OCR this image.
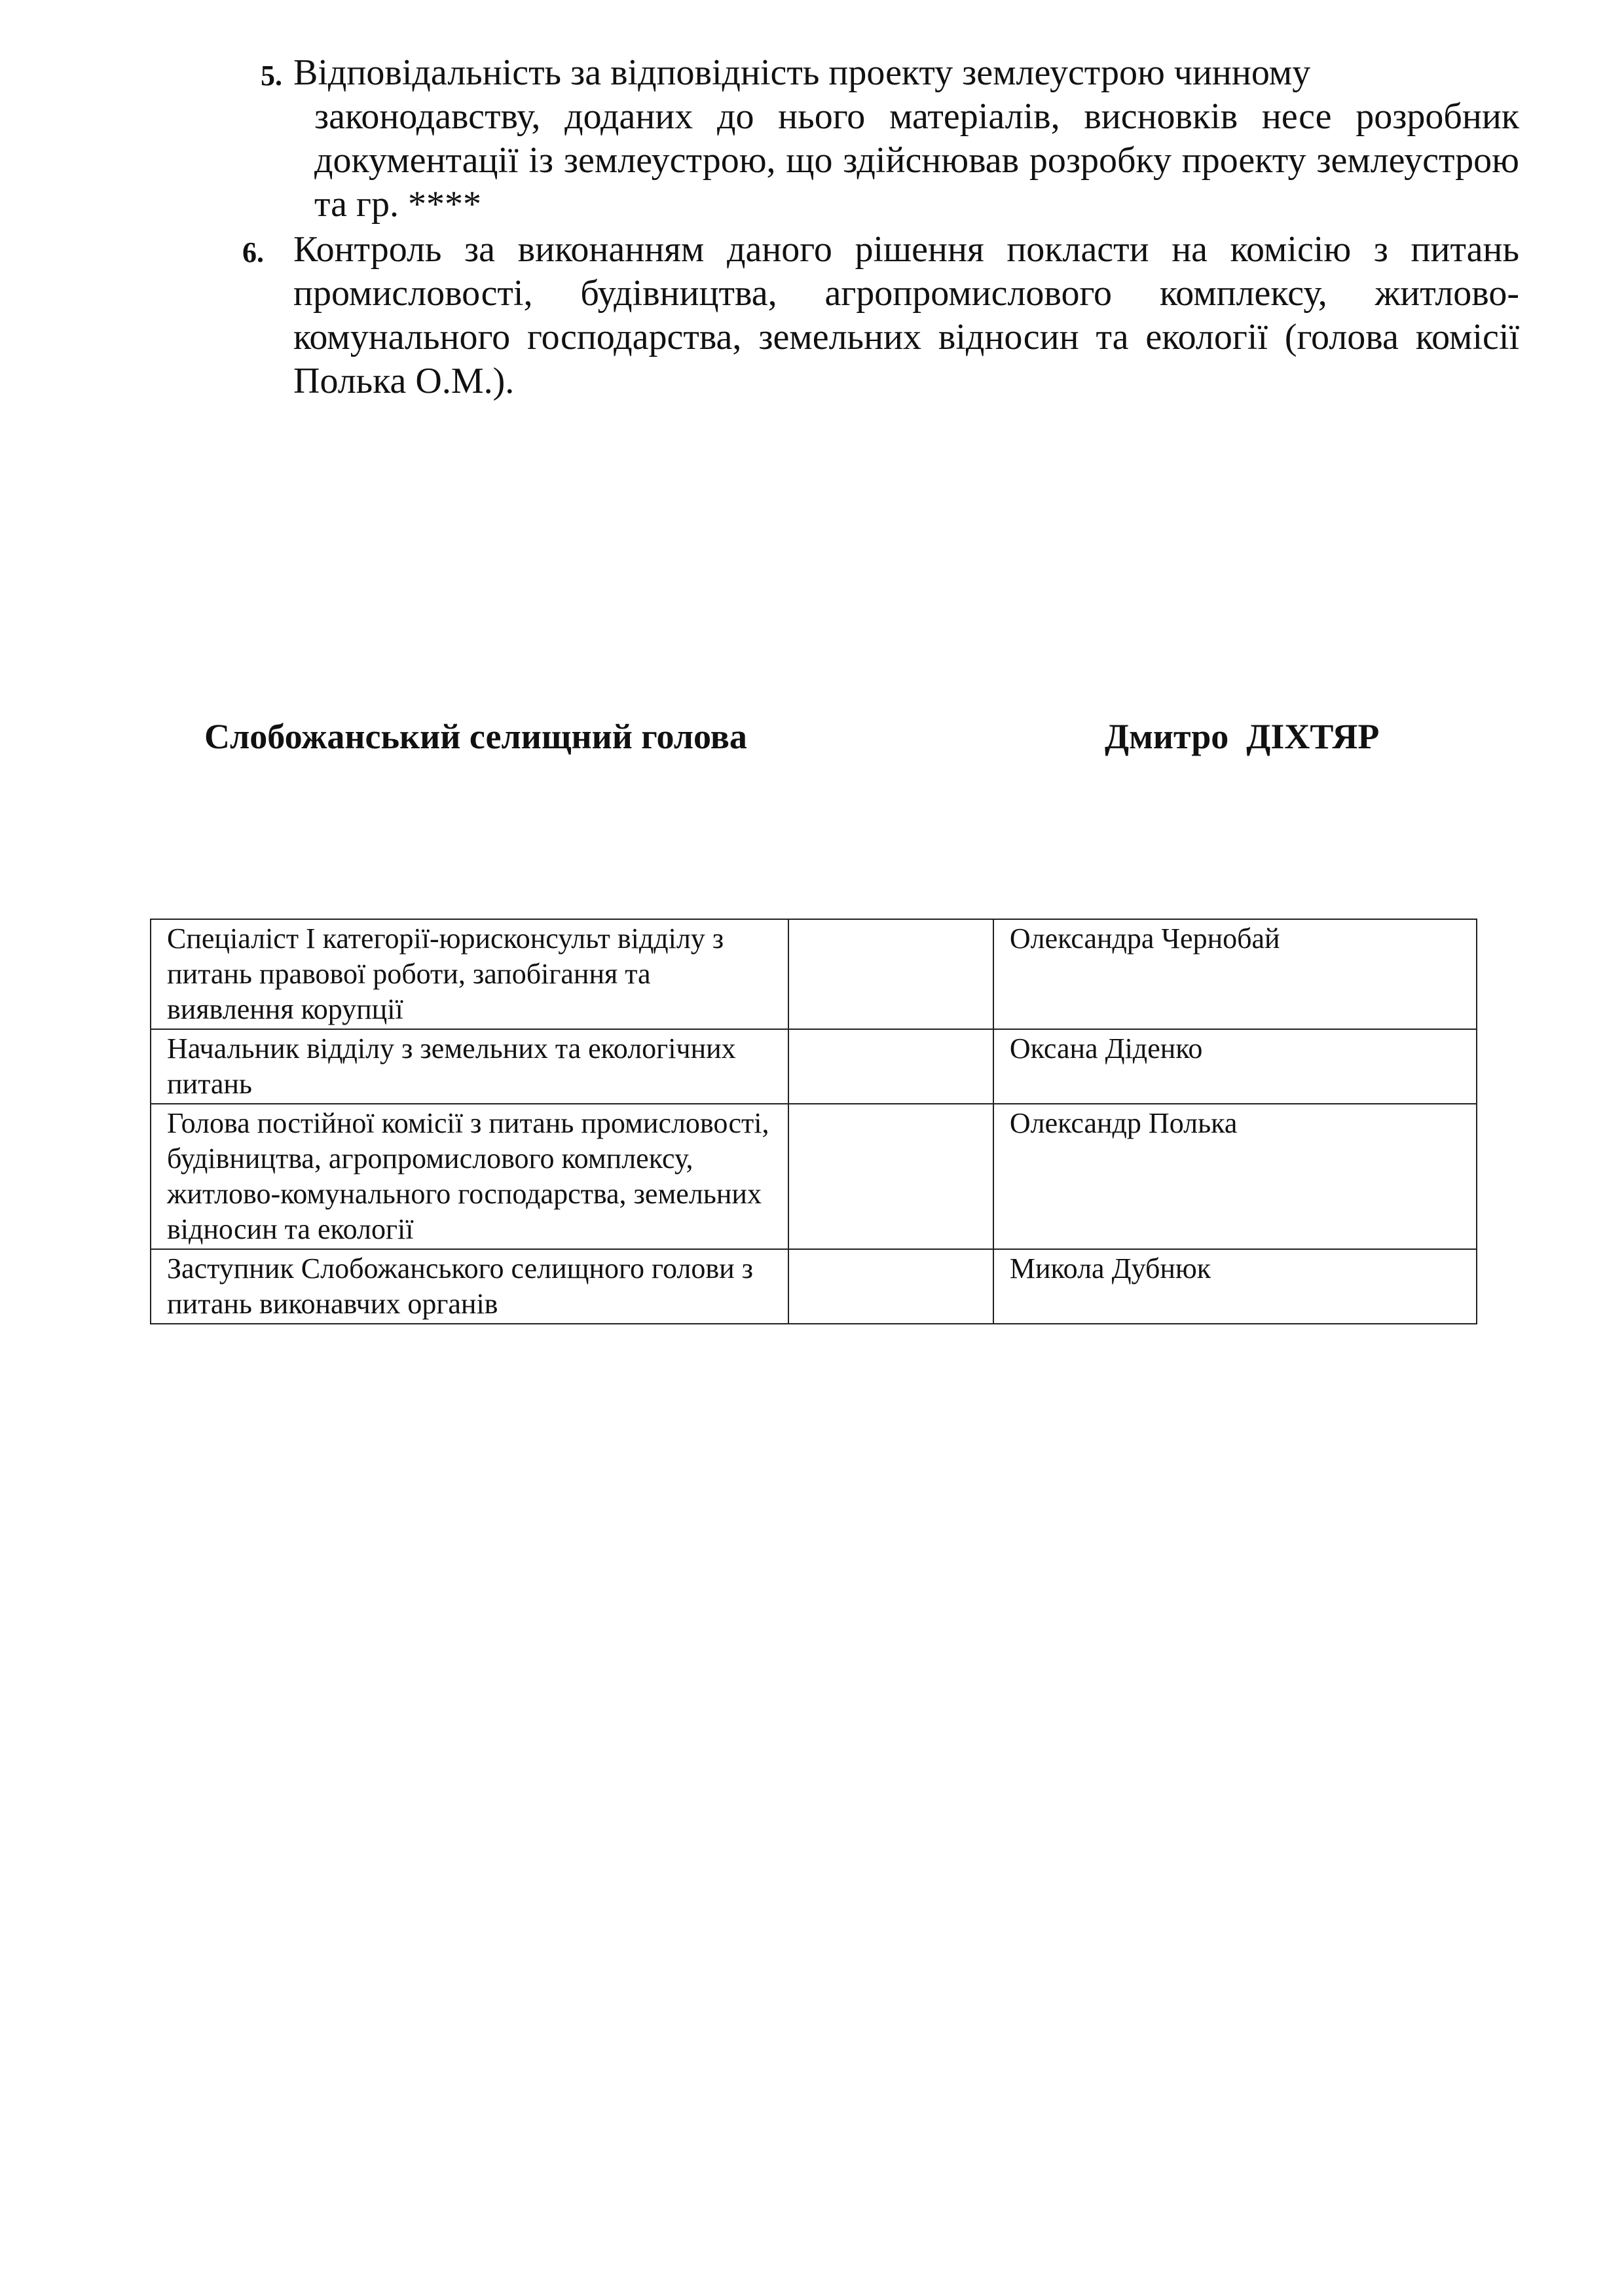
5. Відповідальність за відповідність проекту землеустрою чинному
законодавству, доданих до нього матеріалів, висновків несе розробник документації із землеустрою, що здійснював розробку проекту землеустрою та гр. ****
6. Контроль за виконанням даного рішення покласти на комісію з питань промисловості, будівництва, агропромислового комплексу, житлово-комунального господарства, земельних відносин та екології (голова комісії Полька О.М.).
Слобожанський селищний голова	Дмитро  ДІХТЯР
Спеціаліст I категорії-юрисконсульт відділу з питань правової роботи, запобігання та виявлення корупції		Олександра Чернобай
Начальник відділу з земельних та екологічних питань		Оксана Діденко
Голова постійної комісії з питань промисловості, будівництва, агропромислового комплексу, житлово-комунального господарства, земельних відносин та екології		Олександр Полька
Заступник Слобожанського селищного голови з питань виконавчих органів		Микола Дубнюк
